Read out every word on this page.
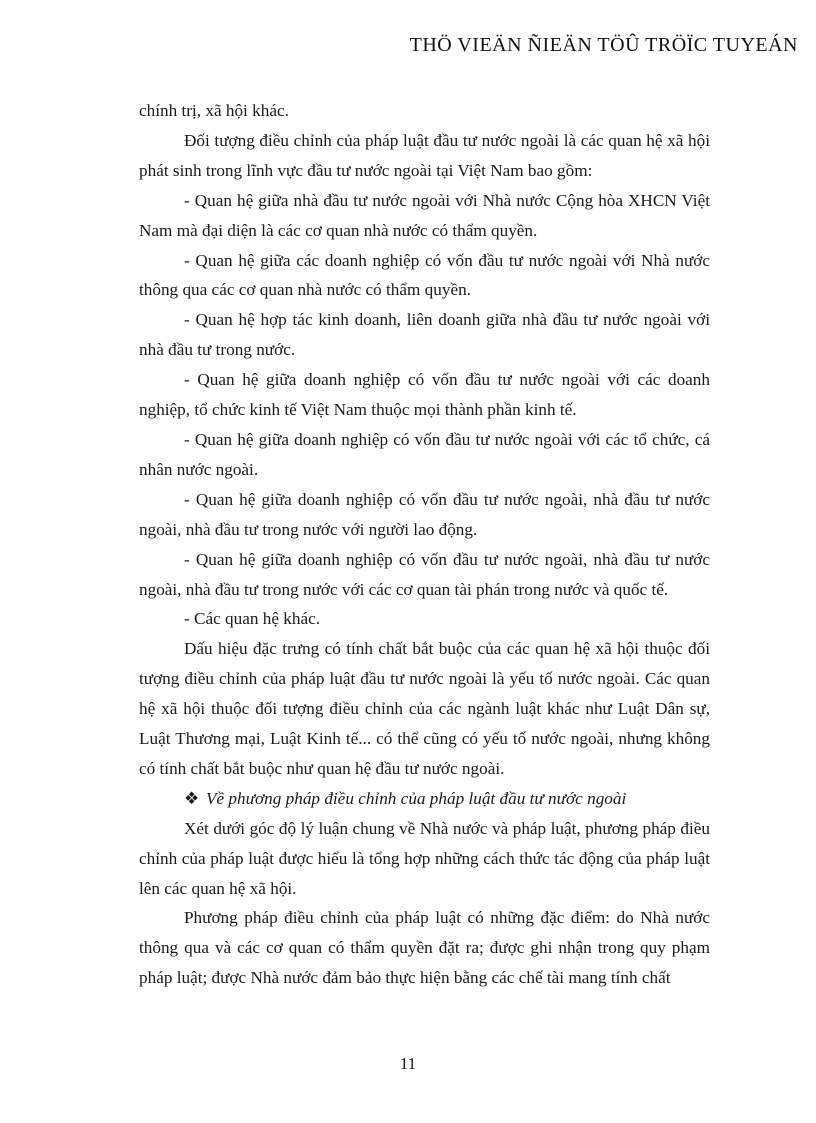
THÖ VIEÄN ÑIEÄN TÖÛ TRÖÏC TUYEÁN

chính trị, xã hội khác.

Đối tượng điều chỉnh của pháp luật đầu tư nước ngoài là các quan hệ xã hội phát sinh trong lĩnh vực đầu tư nước ngoài tại Việt Nam bao gồm:

- Quan hệ giữa nhà đầu tư nước ngoài với Nhà nước Cộng hòa XHCN Việt Nam mà đại diện là các cơ quan nhà nước có thẩm quyền.

- Quan hệ giữa các doanh nghiệp có vốn đầu tư nước ngoài với Nhà nước thông qua các cơ quan nhà nước có thẩm quyền.

- Quan hệ hợp tác kinh doanh, liên doanh giữa nhà đầu tư nước ngoài với nhà đầu tư trong nước.

- Quan hệ giữa doanh nghiệp có vốn đầu tư nước ngoài với các doanh nghiệp, tổ chức kinh tế Việt Nam thuộc mọi thành phần kinh tế.

- Quan hệ giữa doanh nghiệp có vốn đầu tư nước ngoài với các tổ chức, cá nhân nước ngoài.

- Quan hệ giữa doanh nghiệp có vốn đầu tư nước ngoài, nhà đầu tư nước ngoài, nhà đầu tư trong nước với người lao động.

- Quan hệ giữa doanh nghiệp có vốn đầu tư nước ngoài, nhà đầu tư nước ngoài, nhà đầu tư trong nước với các cơ quan tài phán trong nước và quốc tế.

- Các quan hệ khác.

Dấu hiệu đặc trưng có tính chất bắt buộc của các quan hệ xã hội thuộc đối tượng điều chỉnh của pháp luật đầu tư nước ngoài là yếu tố nước ngoài. Các quan hệ xã hội thuộc đối tượng điều chỉnh của các ngành luật khác như Luật Dân sự, Luật Thương mại, Luật Kinh tế... có thể cũng có yếu tố nước ngoài, nhưng không có tính chất bắt buộc như quan hệ đầu tư nước ngoài.

❖ Về phương pháp điều chỉnh của pháp luật đầu tư nước ngoài

Xét dưới góc độ lý luận chung về Nhà nước và pháp luật, phương pháp điều chỉnh của pháp luật được hiểu là tổng hợp những cách thức tác động của pháp luật lên các quan hệ xã hội.

Phương pháp điều chỉnh của pháp luật có những đặc điểm: do Nhà nước thông qua và các cơ quan có thẩm quyền đặt ra; được ghi nhận trong quy phạm pháp luật; được Nhà nước đảm bảo thực hiện bằng các chế tài mang tính chất

11
